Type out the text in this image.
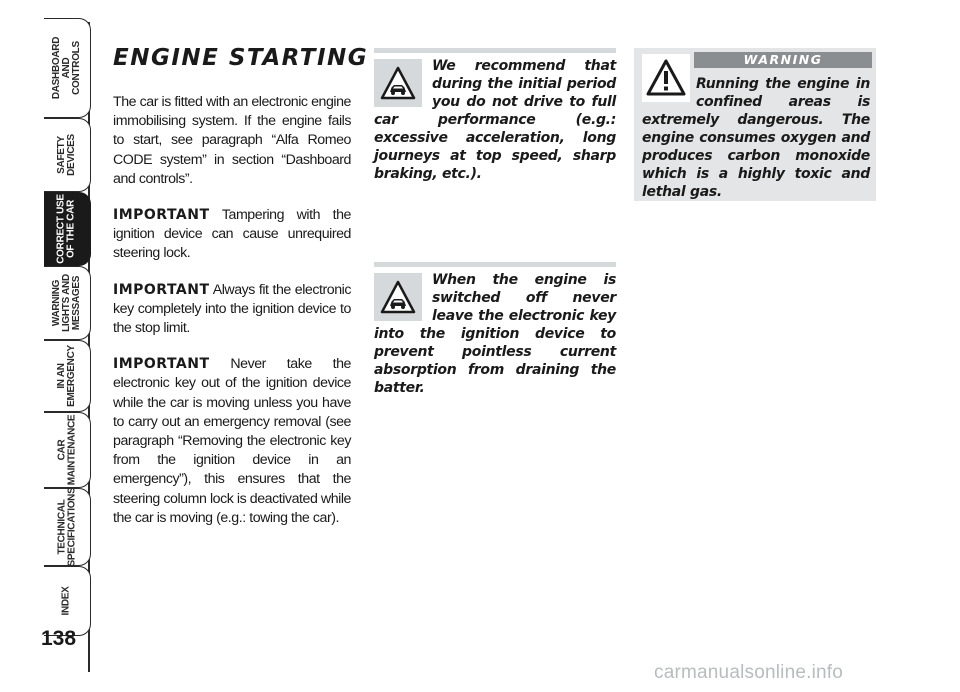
DASHBOARD
AND
CONTROLS
SAFETY
DEVICES
CORRECT USE
OF THE CAR
WARNING
LIGHTS AND
MESSAGES
IN AN
EMERGENCY
CAR
MAINTENANCE
TECHNICAL
SPECIFICATIONS
INDEX
138
ENGINE STARTING

The car is fitted with an electronic engine immobilising system. If the engine fails to start, see paragraph “Alfa Romeo CODE system” in section “Dashboard and controls”.

IMPORTANT Tampering with the ignition device can cause unrequired steering lock.

IMPORTANT Always fit the electronic key completely into the ignition device to the stop limit.

IMPORTANT Never take the electronic key out of the ignition device while the car is moving unless you have to carry out an emergency removal (see paragraph “Removing the electronic key from the ignition device in an emergency”), this ensures that the steering column lock is deactivated while the car is moving (e.g.: towing the car).

We recommend that during the initial period you do not drive to full car performance (e.g.: excessive acceleration, long journeys at top speed, sharp braking, etc.).
When the engine is switched off never leave the electronic key into the ignition device to prevent pointless current absorption from draining the batter.
WARNING
Running the engine in confined areas is extremely dangerous. The engine consumes oxygen and produces carbon monoxide which is a highly toxic and lethal gas.
carmanualsonline.info
